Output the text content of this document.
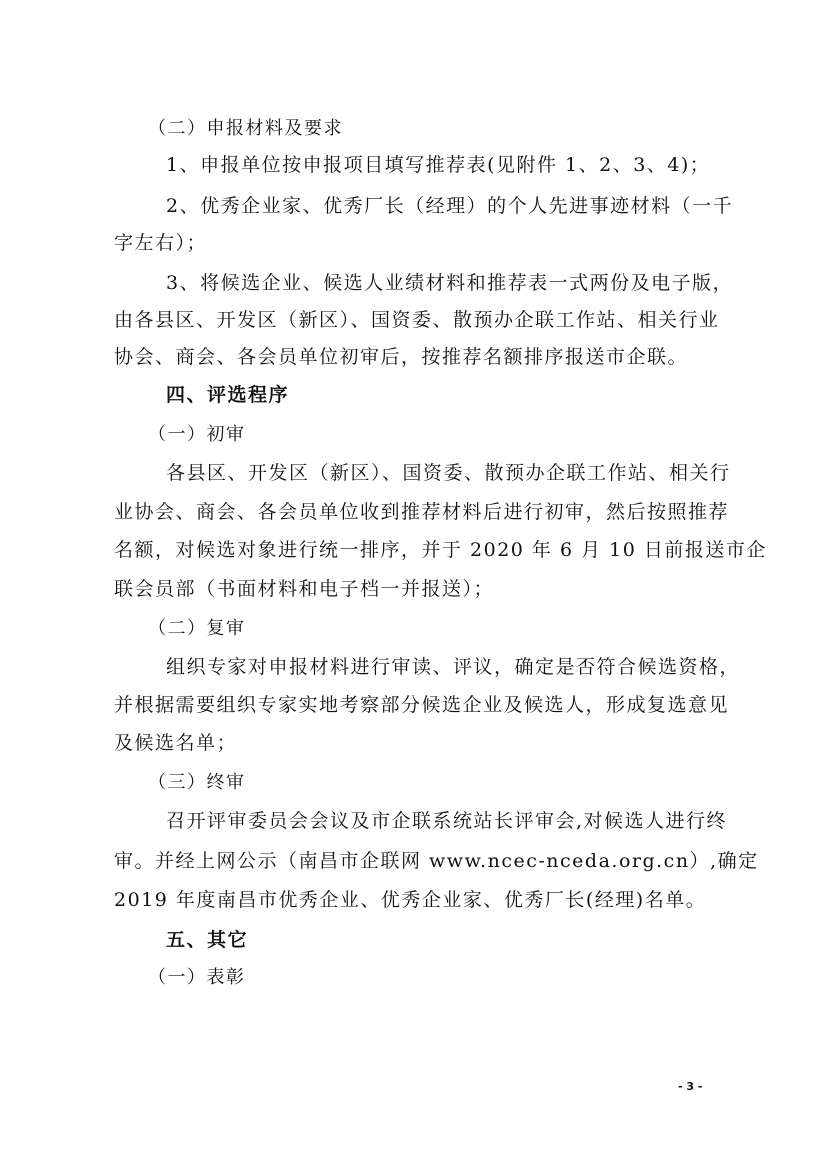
（二）申报材料及要求
1、申报单位按申报项目填写推荐表(见附件 1、2、3、4)；
2、优秀企业家、优秀厂长（经理）的个人先进事迹材料（一千
字左右）；
3、将候选企业、候选人业绩材料和推荐表一式两份及电子版，
由各县区、开发区（新区）、国资委、散预办企联工作站、相关行业
协会、商会、各会员单位初审后，按推荐名额排序报送市企联。
四、评选程序
（一）初审
各县区、开发区（新区）、国资委、散预办企联工作站、相关行
业协会、商会、各会员单位收到推荐材料后进行初审，然后按照推荐
名额，对候选对象进行统一排序，并于 2020 年 6 月 10 日前报送市企
联会员部（书面材料和电子档一并报送）；
（二）复审
组织专家对申报材料进行审读、评议，确定是否符合候选资格，
并根据需要组织专家实地考察部分候选企业及候选人，形成复选意见
及候选名单；
（三）终审
召开评审委员会会议及市企联系统站长评审会,对候选人进行终
审。并经上网公示（南昌市企联网 www.ncec-nceda.org.cn）,确定
2019 年度南昌市优秀企业、优秀企业家、优秀厂长(经理)名单。
五、其它
（一）表彰
- 3 -
